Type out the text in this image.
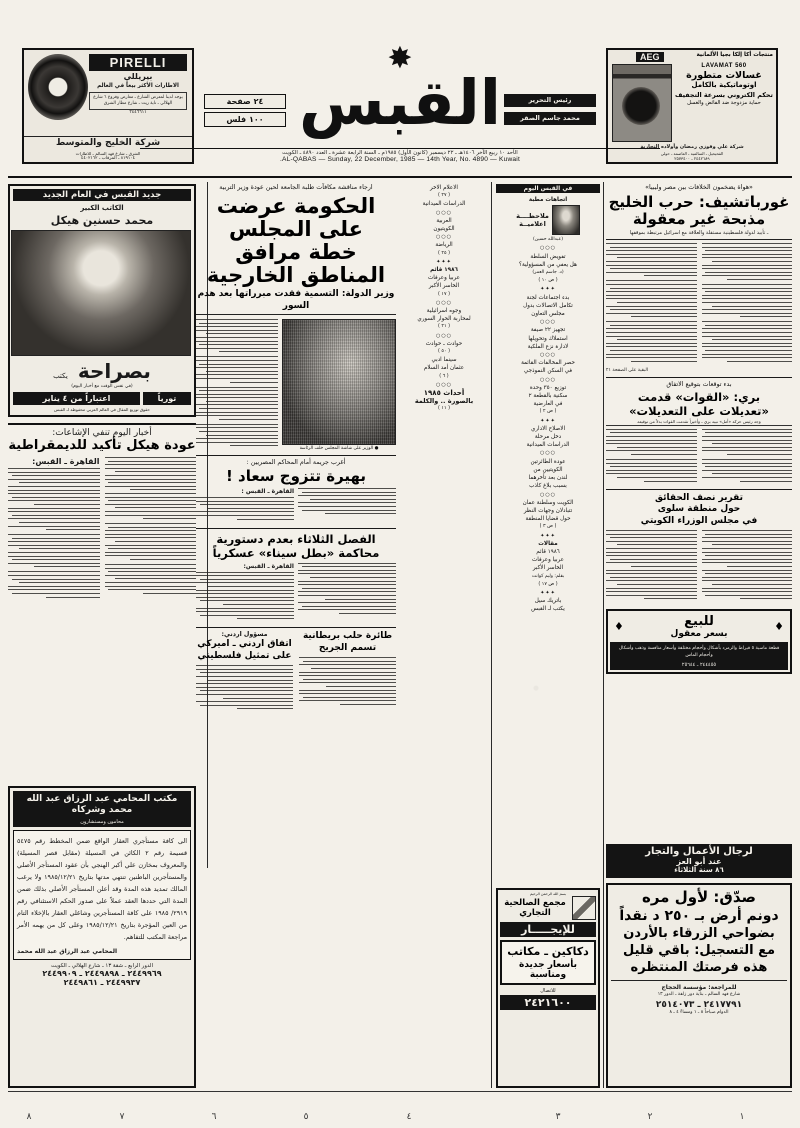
PIRELLI
بيريللي
الاطارات الأكثر بيعاً في العالم
يوجد لدينا لمعرض الشارع ـ معارض وفروع ٦ شارع الهلالي ـ تاية زيت ـ شارع مطار الشرق
٢٤٤٦٦١١
شركة الخليج والمتوسط
الشرق ـ شارع فهد السالم ـ للاطارات
٨١٩١٠٤ ـ المرقاب ـ ٤٤٠٢١٦٢
✸
القبس
٢٤ صفحة
١٠٠ فلس
رئيس التحرير
محمد جاسم الصقر
منتجات أكا إلكا بجيا الألمانية
AEG
LAVAMAT 560
غسالات متطورة
اوتوماتيكية بالكامل
تحكم الكتروني بسرعة التجفيف
حماية مزدوجة ضد الفائض والغسل
شركة علي وفوزي رمضان وأولاده التجارية
الفحيحيل ـ السالمية ـ العاصمة ـ حولي
٢٤٤٢٦٨٩ ـ ٢٥٧٣٤٠٠
الأحد ١٠ ربيع الآخر ١٤٠٦هـ ـ ٢٢ ديسمبر (كانون الأول) ١٩٨٥م ـ السنة الرابعة عشرة ـ العدد ٤٨٩٠ ـ الكويت
AL-QABAS — Sunday, 22 December, 1985 — 14th Year, No. 4890 — Kuwait.
«هواة يضخمون الخلافات بين مصر وليبيا»
غورباتشيف: حرب الخليج
مذبحة غير معقولة
ـ تأييد لدولة فلسطينية مستقلة والعلاقة مع اسرائيل مرتبطة بموقفها
البقية على الصفحة ٢١
بدء توقعات بتوقيع الاتفاق
بري: «القوات» قدمت
«تعديلات على التعديلات»
وجه رئيس حركة «أمل» نبيه بري ـ وأخيراً تقدمت القوات بدلاً من توقيعه
تقرير نصف الحقائق
حول منطقة سلوى
في مجلس الوزراء الكويتي
♦
للبيع
بسعر معقول
♦
قطعة ماسية ٥ قيراط والزمرد بأشكال وأحجام مختلفة وأسعار منافسة وذهب وأشكال وأحجام الماس
٢٤٤٤٥٥ ـ ٢٥٦٤٤
صدّق: لأول مره
دونم أرض بـ ٢٥٠ د نقداً
بضواحي الزرقاء بالأردن
مع التسجيل: باقي قليل
هذه فرصتك المنتظره
للمراجعة: مؤسسة الحجاج
شارع فهد السالم ـ بناية دور زلفة ـ الدور ١٣
٢٤١٧٧٩١ ـ ٢٥١٤٠٧٣
الدوام صباحاً ٨ ـ ١ ومساءً ٤ ـ ٨
لرجال الأعمال والتجار
عند أبو العز
٨٦ سنة الثلاثاء
في القبس اليوم
اتجاهات مطبة
ملاحظــــة
اعلاميــة
(عبدالله حسين)
○○○
تفويض السلطة
هل يعفي من المسؤولية؟
(د. جاسم العمر)
( ص ١٠ )
✦✦✦
بدء اجتماعات لجنة
تكامل الاتصالات بدول
مجلس التعاون
○○○
تجهيز ٢٢ صيفة
استملاك وتحويلها
لادارة نزع الملكية
○○○
حصر المخالفات القائمة
في السكن النموذجي
○○○
توزيع ٣٥٠ وحدة
سكنية بالقطعة ٢
في العارضية
( ص ٢ )
✦✦✦
الاصلاح الاداري
دخل مرحلة
الدراسات الميدانية
○○○
عودة الطائرتين
الكويتيين من
لندن بعد تأخرهما
بسبب بلاغ كاذب
○○○
الكويت وسلطنة عمان
تتبادلان وجهات النظر
حول قضايا المنطقة
( ص ٣ )
✦✦✦
مقالات
١٩٨٦ قائم
عربيا وعرفات
الخاسر الأكبر
بقلم: وليم كوانت
( ص ١٧ )
✦✦✦
باتريك سيل
يكتب لـ القبس
بسم الله الرحمن الرحيم
مجمع الصالحية التجاري
للإيجـــــار
دكاكين ـ مكاتب
بأسعار جديدة
ومناسبة
للاتصال
٢٤٢١٦٠٠
الاعلام الاخر
( ٢٧ )
الدراسات الميدانية
○○○
العربية
الكويتيون
○○○
الرياضة
( ٢٥ )
✦✦✦
١٩٨٦ قائم
عربيا وعرفات
الخاسر الأكبر
( ١٧ )
○○○
وجوه اسرائيلية
لمحاربة الحوار السوري
( ٢١ )
○○○
حوادث ـ حوادث
( ٥٠ )
سينما ادبي
عثمان أمد السلام
( ٦ )
○○○
أحداث ١٩٨٥
بالصورة .. والكلمة
( ١١ )
ارجاء مناقشة مكافآت طلبة الجامعة لحين عودة وزير التربية
الحكومة عرضت على المجلس
خطة مرافق المناطق الخارجية
وزير الدولة: التسمية فقدت مبرراتها بعد هدم السور
● الوزير على شاشة المجلس خلف الرئاسة
أغرب جريمة أمام المحاكم المصريين :
بهيرة تتزوج سعاد !
القاهرة ـ القبس :
الفصل الثلاثاء بعدم دستورية
محاكمة «بطل سيناء» عسكرياً
القاهرة ـ القبس:
طائرة حلب بريطانية
تسمم الجريح
مسؤول اردني:
اتفاق اردني ـ اميركي
على تمثيل فلسطيني
جديد القبس في العام الجديد
الكاتب الكبير
محمد حسنين هيكل
بصراحة
يكتب
(في نفس الوقت مع أخبار اليوم)
تورياً
اعتباراً من ٤ يناير
حقوق توزيع المقال في العالم العربي محفوظة لـ القبس
أخبار اليوم تنفي الإشاعات:
عودة هيكل تأكيد للديمقراطية
القاهرة ـ القبس:
مكتب المحامي عبد الرزاق عبد الله محمد وشركاه
محامون ومستشارون
الى كافة مستأجري العقار الواقع ضمن المخطط رقم ٥٤٧٥ قسيمة رقم ٢ الكائن في المسيلة (مقابل قصر المسيلة) والمعروف بمخازن علي أكبر الهنجي بأن عقود المستأجر الأصلي والمستأجرين الباطنين تنتهي مدتها بتاريخ ١٩٨٥/١٢/٢١ ولا يرغب المالك تمديد هذه المدة وقد أعلن المستأجر الأصلي بذلك ضمن المدة التي حددها العقد عملاً على صدور الحكم الاستئنافي رقم ٢٩١٩/ ١٩٨٥ على كافة المستأجرين وشاغلي العقار بالإخلاء التام من العين المؤجرة بتاريخ ١٩٨٥/١٢/٢١ وعلى كل من يهمه الأمر مراجعة المكتب للتفاهم.
المحامي عبد الرزاق عبد الله محمد
الدور الرابع ـ شقة ١٣ ـ شارع الهلالي ـ الكويت
٢٤٤٩٩٦٩ ـ ٢٤٤٩٨٩٨ ـ ٢٤٤٩٩٠٩
٢٤٤٩٩٣٧ ـ ٢٤٤٩٨٦١
٨	٧	٦	٥	٤	٣	٢	١
